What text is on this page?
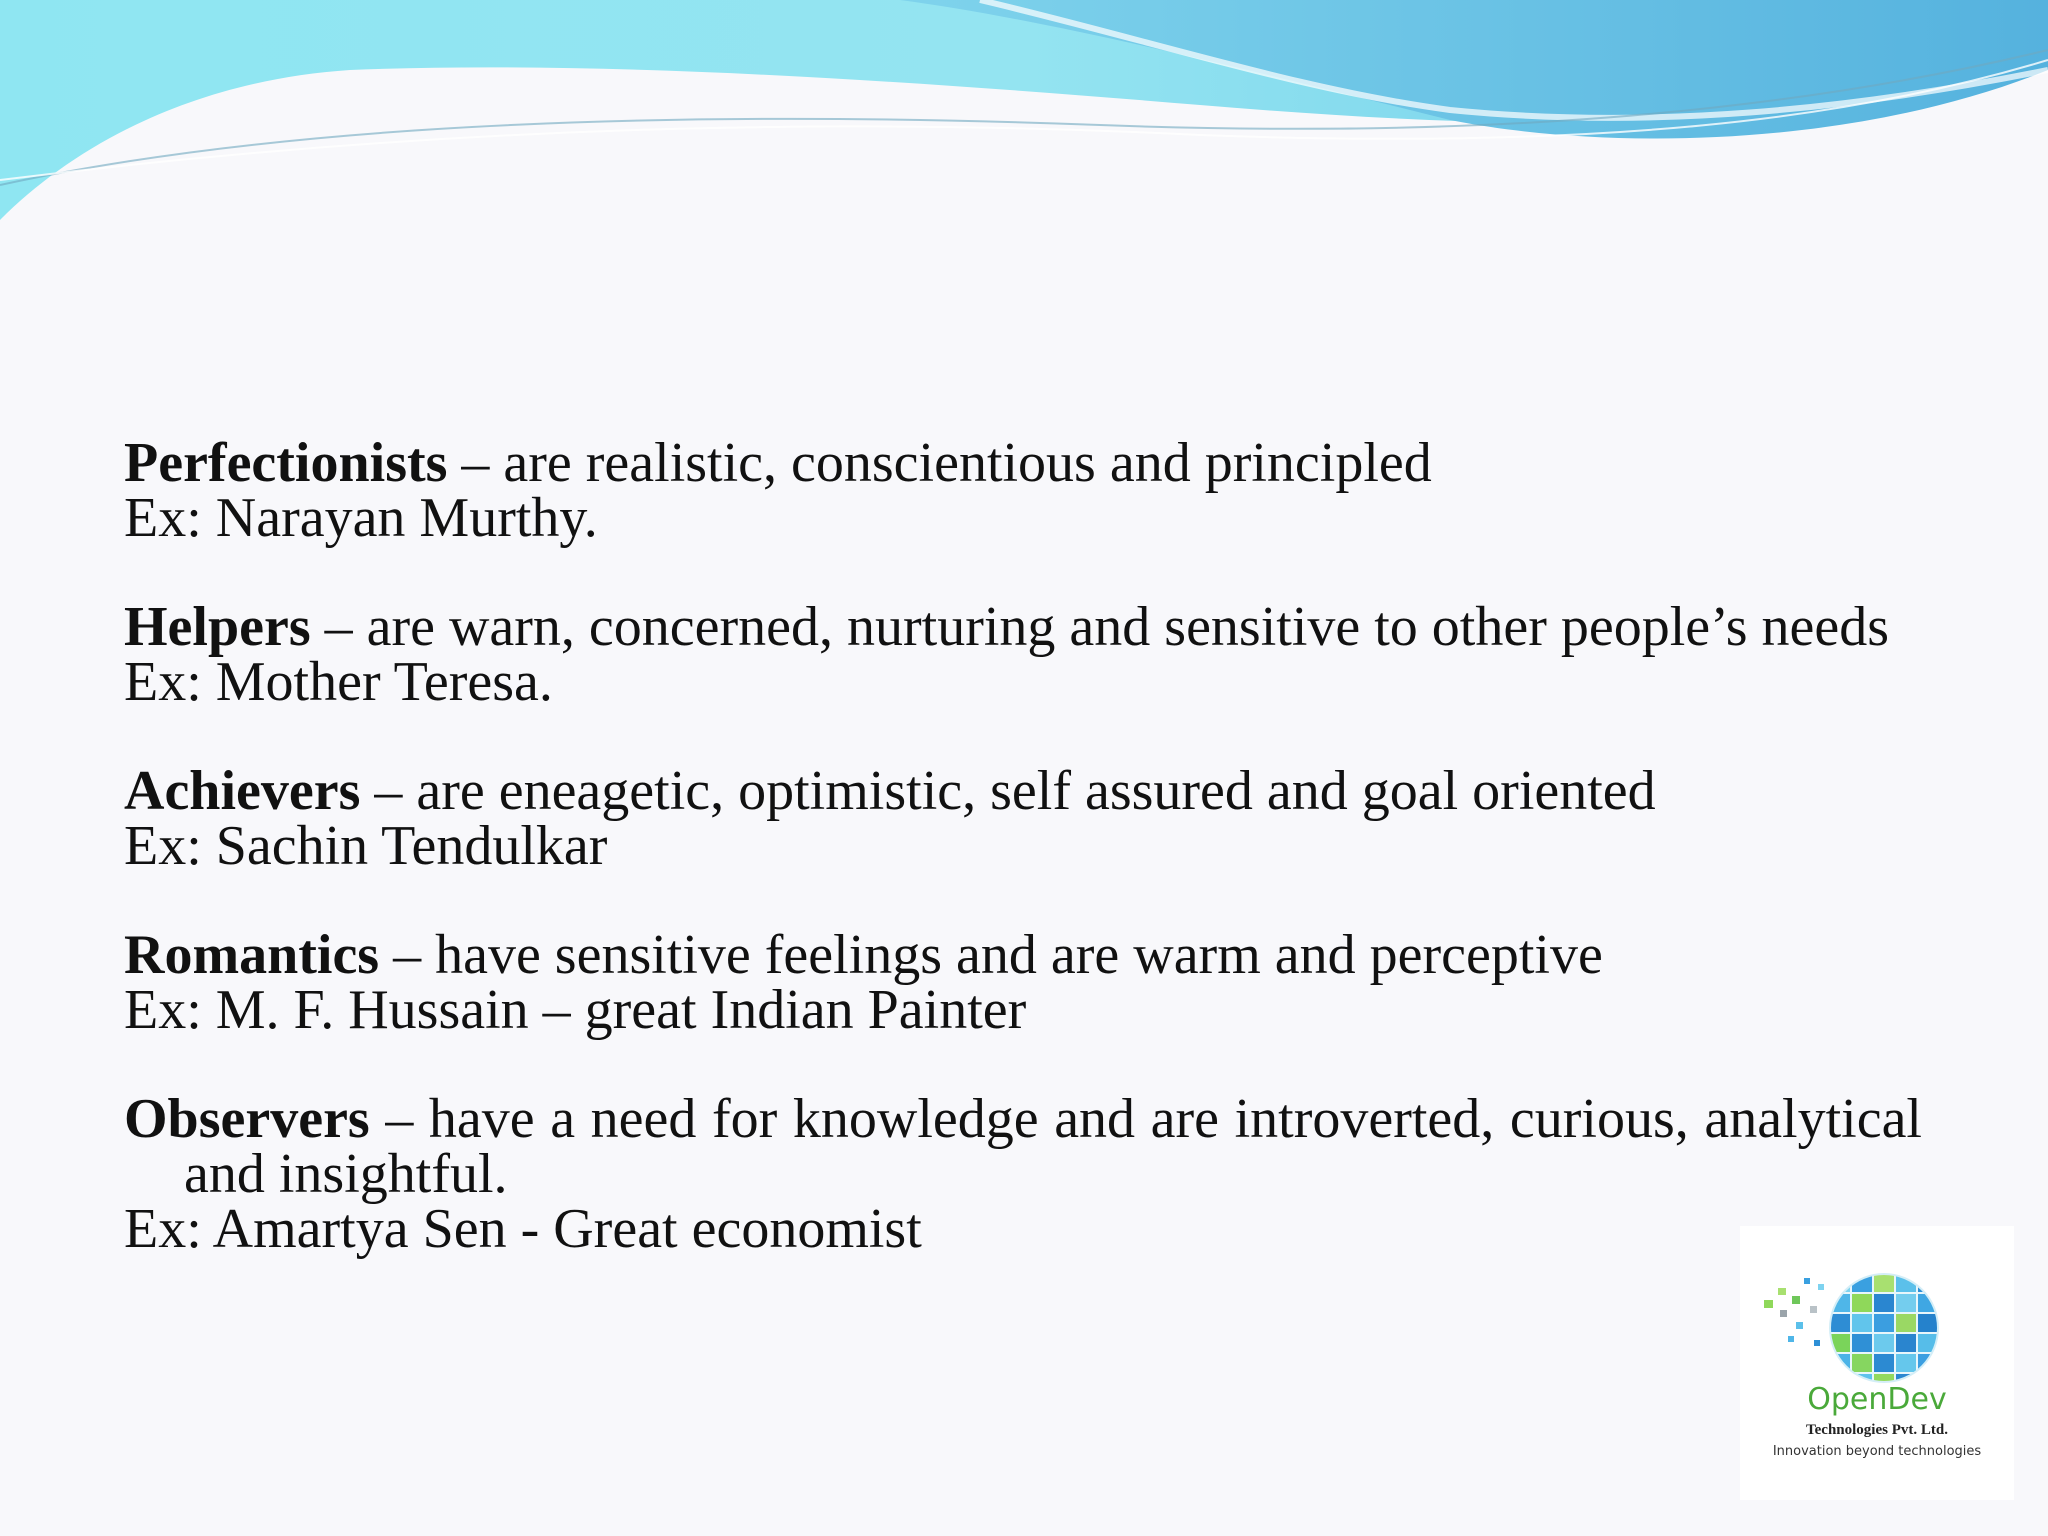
Perfectionists – are realistic, conscientious and principled
Ex: Narayan Murthy.
Helpers – are warn, concerned, nurturing and sensitive to other people’s needs
Ex: Mother Teresa.
Achievers – are eneagetic, optimistic, self assured and goal oriented
Ex: Sachin Tendulkar
Romantics – have sensitive feelings and are warm and perceptive
Ex: M. F. Hussain – great Indian Painter
Observers – have a need for knowledge and are introverted, curious, analytical and insightful.
Ex: Amartya Sen - Great economist
OpenDev
Technologies Pvt. Ltd.
Innovation beyond technologies
